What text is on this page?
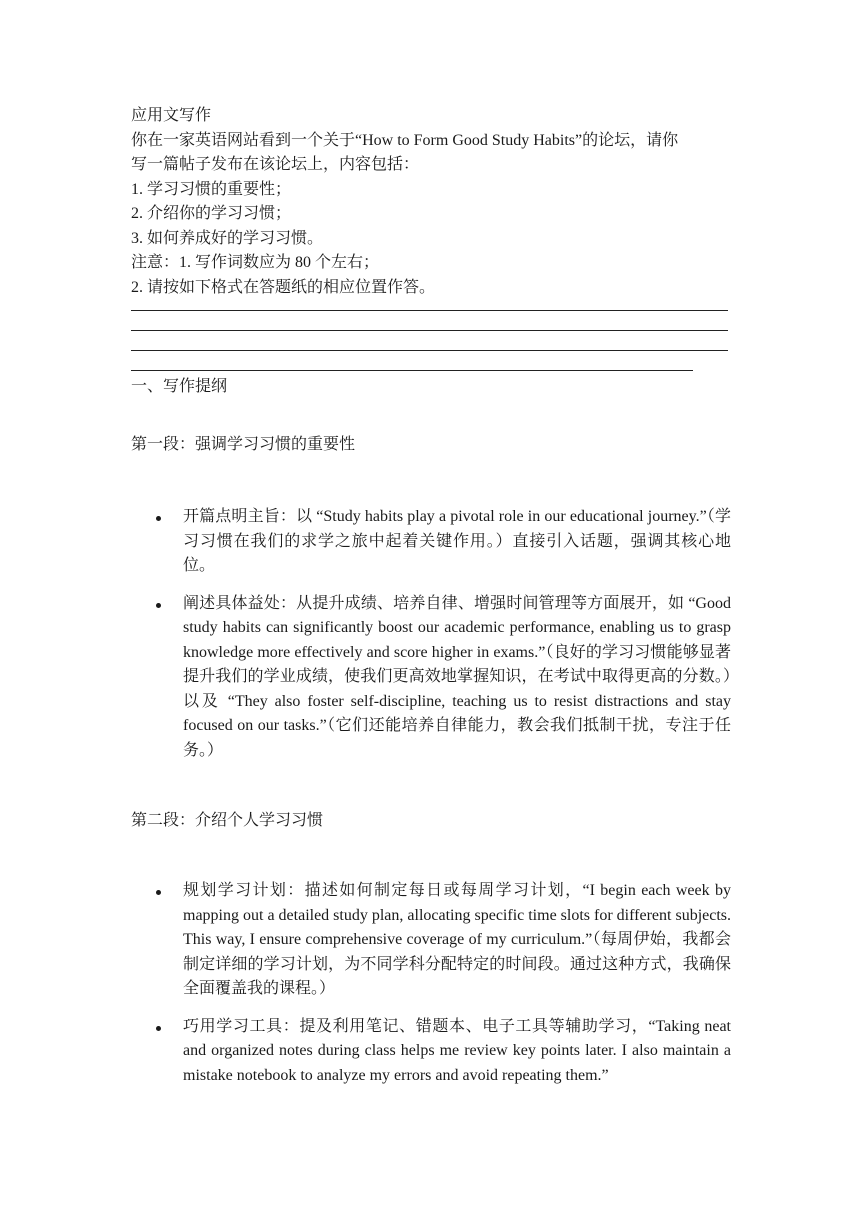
应用文写作
你在一家英语网站看到一个关于“How to Form Good Study Habits”的论坛，请你
写一篇帖子发布在该论坛上，内容包括：
1. 学习习惯的重要性；
2. 介绍你的学习习惯；
3. 如何养成好的学习习惯。
注意：1. 写作词数应为 80 个左右；
2. 请按如下格式在答题纸的相应位置作答。
一、写作提纲
第一段：强调学习习惯的重要性
开篇点明主旨：以 “Study habits play a pivotal role in our educational journey.”（学习习惯在我们的求学之旅中起着关键作用。）直接引入话题，强调其核心地位。
阐述具体益处：从提升成绩、培养自律、增强时间管理等方面展开，如 “Good study habits can significantly boost our academic performance, enabling us to grasp knowledge more effectively and score higher in exams.”（良好的学习习惯能够显著提升我们的学业成绩，使我们更高效地掌握知识，在考试中取得更高的分数。）以及 “They also foster self-discipline, teaching us to resist distractions and stay focused on our tasks.”（它们还能培养自律能力，教会我们抵制干扰，专注于任务。）
第二段：介绍个人学习习惯
规划学习计划：描述如何制定每日或每周学习计划，“I begin each week by mapping out a detailed study plan, allocating specific time slots for different subjects. This way, I ensure comprehensive coverage of my curriculum.”（每周伊始，我都会制定详细的学习计划，为不同学科分配特定的时间段。通过这种方式，我确保全面覆盖我的课程。）
巧用学习工具：提及利用笔记、错题本、电子工具等辅助学习，“Taking neat and organized notes during class helps me review key points later. I also maintain a mistake notebook to analyze my errors and avoid repeating them.”
